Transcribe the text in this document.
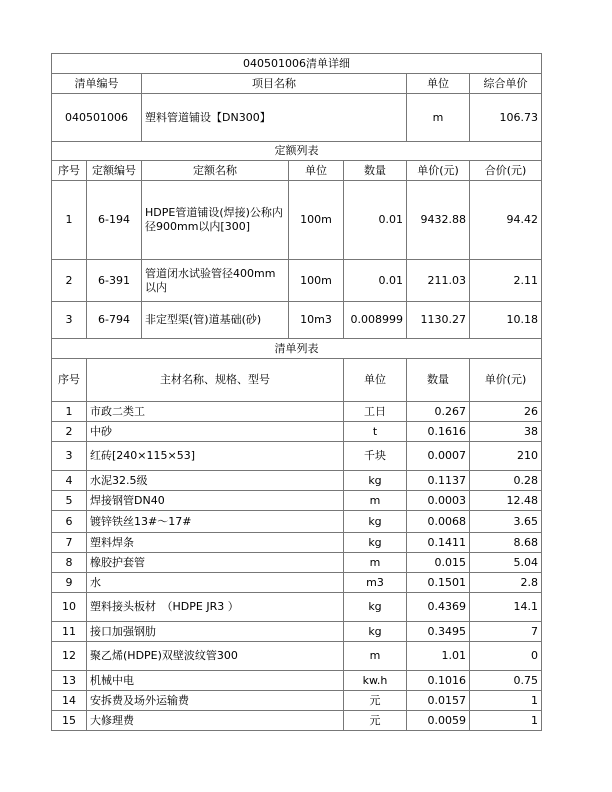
040501006清单详细							
清单编号		项目名称			单位	综合单价	
040501006		塑料管道铺设【DN300】			m	106.73	
定额列表							
序号	定额编号	定额名称	单位	数量	单价(元)	合价(元)	
1	6-194	HDPE管道铺设(焊接)公称内径900mm以内[300]	100m	0.01	9432.88	94.42	
2	6-391	管道闭水试验管径400mm以内	100m	0.01	211.03	2.11	
3	6-794	非定型渠(管)道基础(砂)	10m3	0.008999	1130.27	10.18	
清单列表							
序号	主材名称、规格、型号			单位	数量	单价(元)	
1	市政二类工			工日	0.267	26	
2	中砂			t	0.1616	38	
3	红砖[240×115×53]			千块	0.0007	210	
4	水泥32.5级			kg	0.1137	0.28	
5	焊接钢管DN40			m	0.0003	12.48	
6	镀锌铁丝13#～17#			kg	0.0068	3.65	
7	塑料焊条			kg	0.1411	8.68	
8	橡胶护套管			m	0.015	5.04	
9	水			m3	0.1501	2.8	
10	塑料接头板材　（HDPE JR3 ）			kg	0.4369	14.1	
11	接口加强钢肋			kg	0.3495	7	
12	聚乙烯(HDPE)双壁波纹管300			m	1.01	0	
13	机械中电			kw.h	0.1016	0.75	
14	安拆费及场外运输费			元	0.0157	1	
15	大修理费			元	0.0059	1	
